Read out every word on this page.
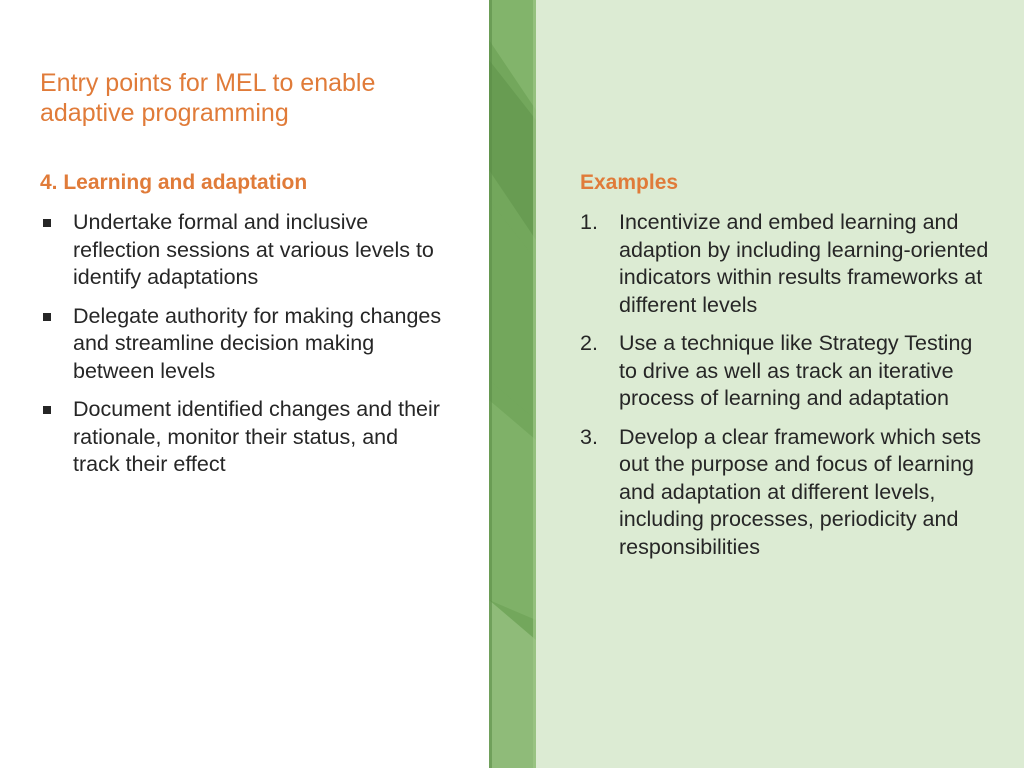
Entry points for MEL to enable adaptive programming
4. Learning and adaptation
Undertake formal and inclusive reflection sessions at various levels to identify adaptations
Delegate authority for making changes and streamline decision making between levels
Document identified changes and their rationale, monitor their status, and track their effect
Examples
1. Incentivize and embed learning and adaption by including learning-oriented indicators within results frameworks at different levels
2. Use a technique like Strategy Testing to drive as well as track an iterative process of learning and adaptation
3. Develop a clear framework which sets out the purpose and focus of learning and adaptation at different levels, including processes, periodicity and responsibilities
